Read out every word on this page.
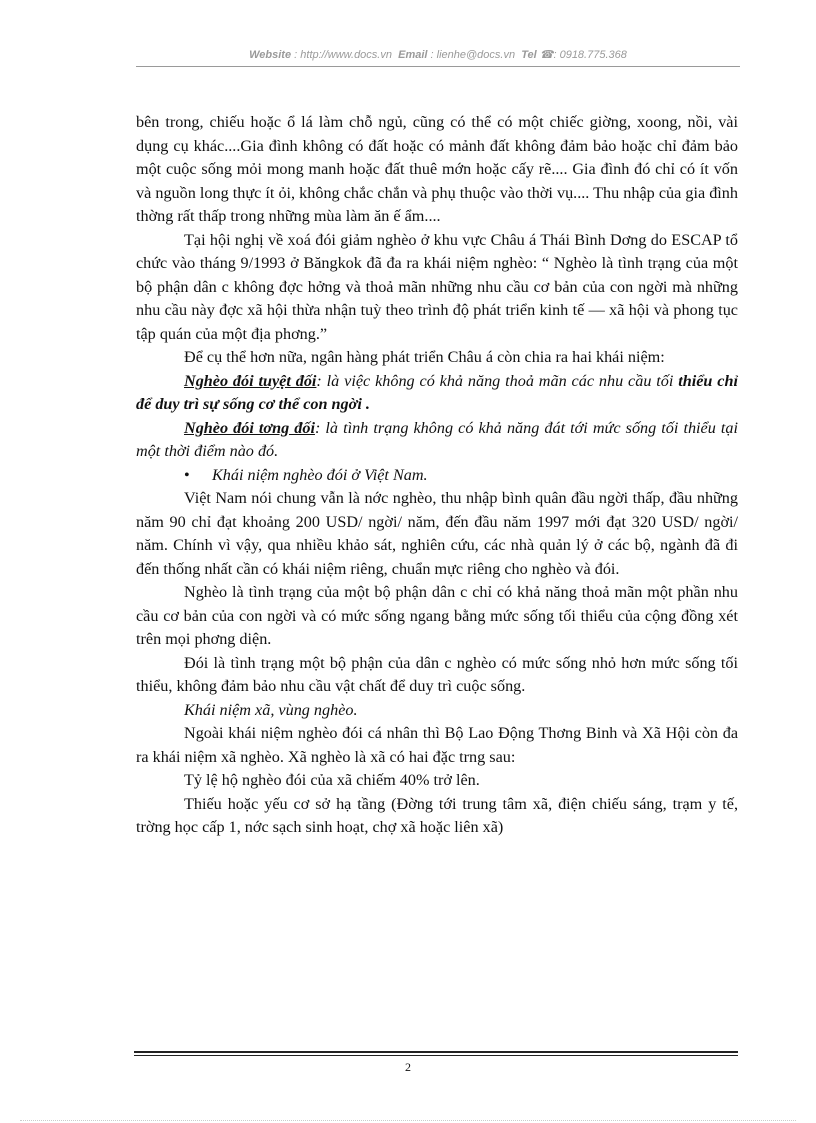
Website : http://www.docs.vn Email : lienhe@docs.vn Tel ☎: 0918.775.368

bên trong, chiếu hoặc ổ lá làm chỗ ngủ, cũng có thể có một chiếc giờng, xoong, nồi, vài dụng cụ khác....Gia đình không có đất hoặc có mảnh đất không đảm bảo hoặc chỉ đảm bảo một cuộc sống mỏi mong manh hoặc đất thuê mớn hoặc cấy rẽ.... Gia đình đó chỉ có ít vốn và nguồn long thực ít ỏi, không chắc chắn và phụ thuộc vào thời vụ.... Thu nhập của gia đình thờng rất thấp trong những mùa làm ăn ế ẩm....

Tại hội nghị về xoá đói giảm nghèo ở khu vực Châu á Thái Bình Dơng do ESCAP tổ chức vào tháng 9/1993 ở Băngkok đã đa ra khái niệm nghèo: “ Nghèo là tình trạng của một bộ phận dân c không đợc hởng và thoả mãn những nhu cầu cơ bản của con ngời mà những nhu cầu này đợc xã hội thừa nhận tuỳ theo trình độ phát triển kinh tế — xã hội và phong tục tập quán của một địa phơng.”

Để cụ thể hơn nữa, ngân hàng phát triển Châu á còn chia ra hai khái niệm:

Nghèo đói tuyệt đối: là việc không có khả năng thoả mãn các nhu cầu tối thiểu chỉ để duy trì sự sống cơ thể con ngời .

Nghèo đói tơng đối: là tình trạng không có khả năng đát tới mức sống tối thiểu tại một thời điểm nào đó.

• Khái niệm nghèo đói ở Việt Nam.

Việt Nam nói chung vẫn là nớc nghèo, thu nhập bình quân đầu ngời thấp, đầu những năm 90 chỉ đạt khoảng 200 USD/ ngời/ năm, đến đầu năm 1997 mới đạt 320 USD/ ngời/ năm. Chính vì vậy, qua nhiều khảo sát, nghiên cứu, các nhà quản lý ở các bộ, ngành đã đi đến thống nhất cần có khái niệm riêng, chuẩn mực riêng cho nghèo và đói.

Nghèo là tình trạng của một bộ phận dân c chỉ có khả năng thoả mãn một phần nhu cầu cơ bản của con ngời và có mức sống ngang bằng mức sống tối thiểu của cộng đồng xét trên mọi phơng diện.

Đói là tình trạng một bộ phận của dân c nghèo có mức sống nhỏ hơn mức sống tối thiểu, không đảm bảo nhu cầu vật chất để duy trì cuộc sống.

Khái niệm xã, vùng nghèo.

Ngoài khái niệm nghèo đói cá nhân thì Bộ Lao Động Thơng Binh và Xã Hội còn đa ra khái niệm xã nghèo. Xã nghèo là xã có hai đặc trng sau:

Tỷ lệ hộ nghèo đói của xã chiếm 40% trở lên.

Thiếu hoặc yếu cơ sở hạ tầng (Đờng tới trung tâm xã, điện chiếu sáng, trạm y tế, trờng học cấp 1, nớc sạch sinh hoạt, chợ xã hoặc liên xã)

2
